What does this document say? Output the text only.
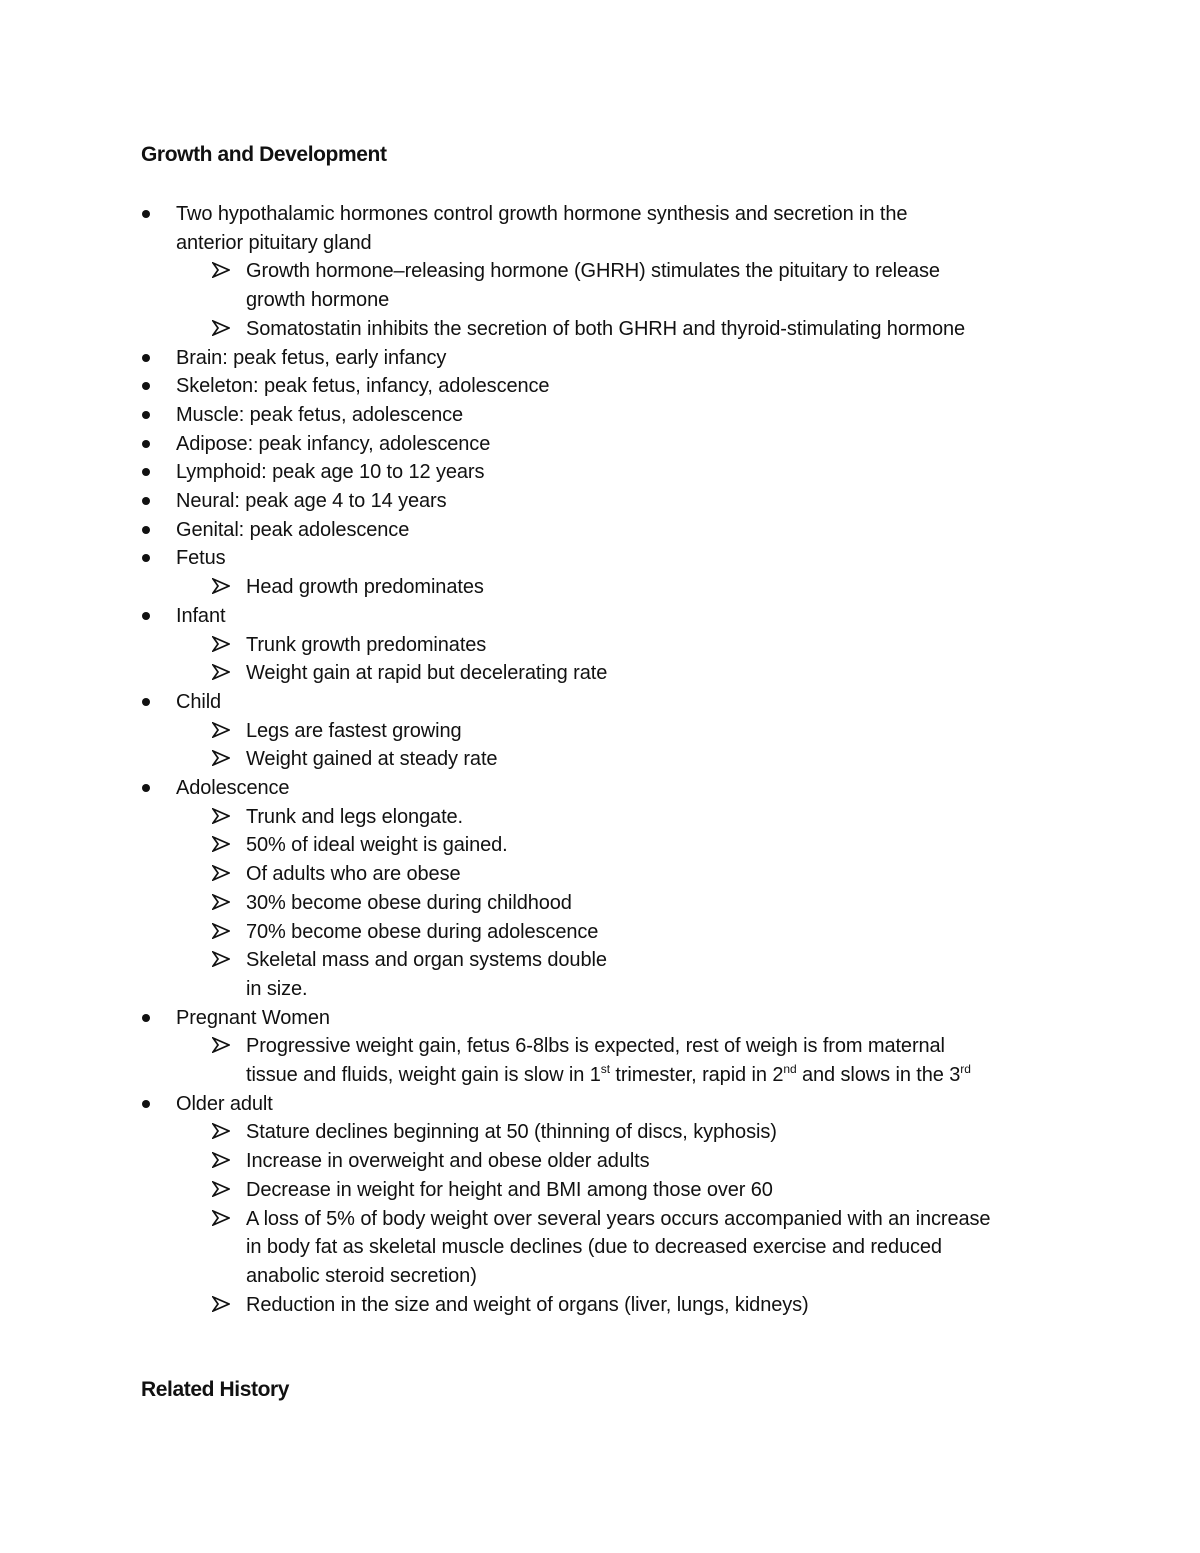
Growth and Development
Two hypothalamic hormones control growth hormone synthesis and secretion in the
anterior pituitary gland
Growth hormone–releasing hormone (GHRH) stimulates the pituitary to release
growth hormone
Somatostatin inhibits the secretion of both GHRH and thyroid-stimulating hormone
Brain: peak fetus, early infancy
Skeleton: peak fetus, infancy, adolescence
Muscle: peak fetus, adolescence
Adipose: peak infancy, adolescence
Lymphoid: peak age 10 to 12 years
Neural: peak age 4 to 14 years
Genital: peak adolescence
Fetus
Head growth predominates
Infant
Trunk growth predominates
Weight gain at rapid but decelerating rate
Child
Legs are fastest growing
Weight gained at steady rate
Adolescence
Trunk and legs elongate.
50% of ideal weight is gained.
Of adults who are obese
30% become obese during childhood
70% become obese during adolescence
Skeletal mass and organ systems double
in size.
Pregnant Women
Progressive weight gain, fetus 6-8lbs is expected, rest of weigh is from maternal
tissue and fluids, weight gain is slow in 1st trimester, rapid in 2nd and slows in the 3rd
Older adult
Stature declines beginning at 50 (thinning of discs, kyphosis)
Increase in overweight and obese older adults
Decrease in weight for height and BMI among those over 60
A loss of 5% of body weight over several years occurs accompanied with an increase
in body fat as skeletal muscle declines (due to decreased exercise and reduced
anabolic steroid secretion)
Reduction in the size and weight of organs (liver, lungs, kidneys)
Related History
